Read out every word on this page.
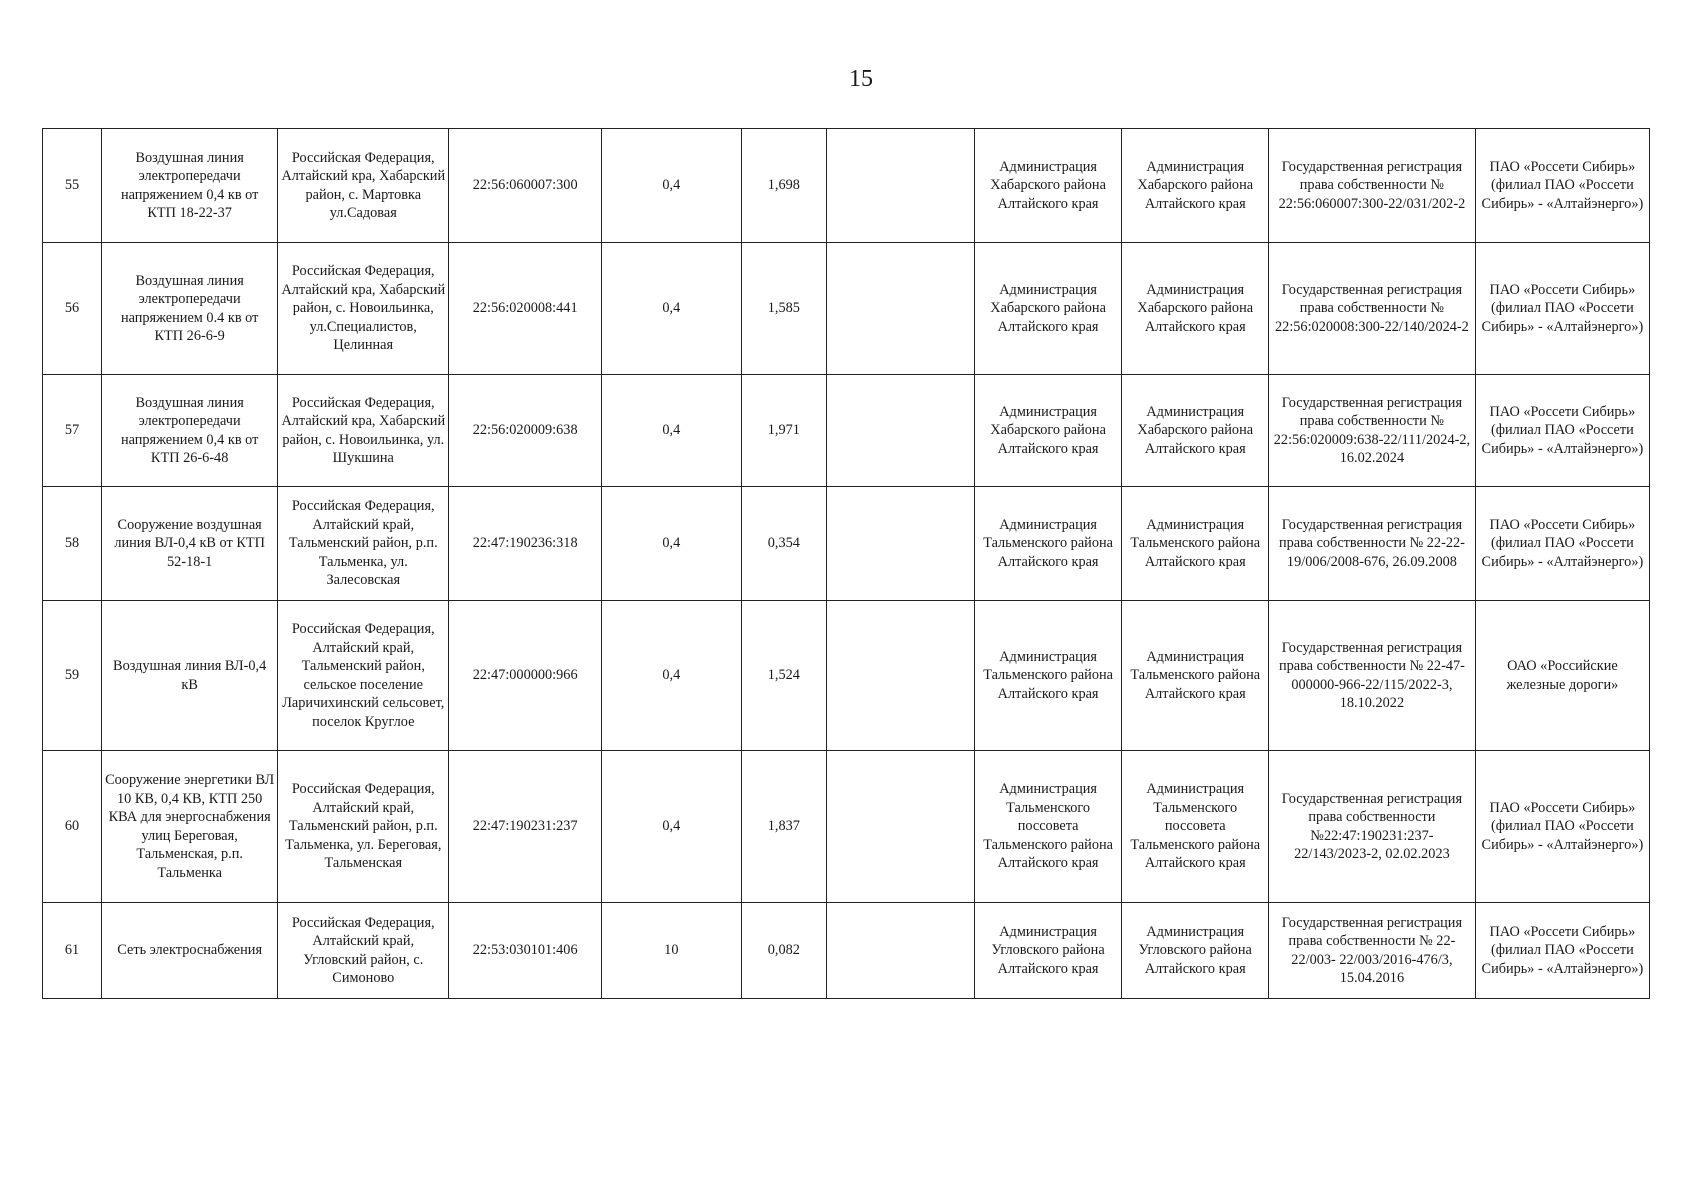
15
55	Воздушная линия электропередачи напряжением 0,4 кв от КТП 18-22-37	Российская Федерация, Алтайский кра, Хабарский район, с. Мартовка ул.Садовая	22:56:060007:300	0,4	1,698		Администрация Хабарского района Алтайского края	Администрация Хабарского района Алтайского края	Государственная регистрация права собственности № 22:56:060007:300-22/031/202-2	ПАО «Россети Сибирь» (филиал ПАО «Россети Сибирь» - «Алтайэнерго»)
56	Воздушная линия электропередачи напряжением 0.4 кв от КТП 26-6-9	Российская Федерация, Алтайский кра, Хабарский район, с. Новоильинка, ул.Специалистов, Целинная	22:56:020008:441	0,4	1,585		Администрация Хабарского района Алтайского края	Администрация Хабарского района Алтайского края	Государственная регистрация права собственности № 22:56:020008:300-22/140/2024-2	ПАО «Россети Сибирь» (филиал ПАО «Россети Сибирь» - «Алтайэнерго»)
57	Воздушная линия электропередачи напряжением 0,4 кв от КТП 26-6-48	Российская Федерация, Алтайский кра, Хабарский район, с. Новоильинка, ул. Шукшина	22:56:020009:638	0,4	1,971		Администрация Хабарского района Алтайского края	Администрация Хабарского района Алтайского края	Государственная регистрация права собственности № 22:56:020009:638-22/111/2024-2, 16.02.2024	ПАО «Россети Сибирь» (филиал ПАО «Россети Сибирь» - «Алтайэнерго»)
58	Сооружение воздушная линия ВЛ-0,4 кВ от КТП 52-18-1	Российская Федерация, Алтайский край, Тальменский район, р.п. Тальменка, ул. Залесовская	22:47:190236:318	0,4	0,354		Администрация Тальменского района Алтайского края	Администрация Тальменского района Алтайского края	Государственная регистрация права собственности № 22-22-19/006/2008-676, 26.09.2008	ПАО «Россети Сибирь» (филиал ПАО «Россети Сибирь» - «Алтайэнерго»)
59	Воздушная линия ВЛ-0,4 кВ	Российская Федерация, Алтайский край, Тальменский район, сельское поселение Ларичихинский сельсовет, поселок Круглое	22:47:000000:966	0,4	1,524		Администрация Тальменского района Алтайского края	Администрация Тальменского района Алтайского края	Государственная регистрация права собственности № 22-47-000000-966-22/115/2022-3, 18.10.2022	ОАО «Российские железные дороги»
60	Сооружение энергетики ВЛ 10 КВ, 0,4 КВ, КТП 250 КВА для энергоснабжения улиц Береговая, Тальменская, р.п. Тальменка	Российская Федерация, Алтайский край, Тальменский район, р.п. Тальменка, ул. Береговая, Тальменская	22:47:190231:237	0,4	1,837		Администрация Тальменского поссовета Тальменского района Алтайского края	Администрация Тальменского поссовета Тальменского района Алтайского края	Государственная регистрация права собственности №22:47:190231:237-22/143/2023-2, 02.02.2023	ПАО «Россети Сибирь» (филиал ПАО «Россети Сибирь» - «Алтайэнерго»)
61	Сеть электроснабжения	Российская Федерация, Алтайский край, Угловский район, с. Симоново	22:53:030101:406	10	0,082		Администрация Угловского района Алтайского края	Администрация Угловского района Алтайского края	Государственная регистрация права собственности № 22-22/003- 22/003/2016-476/3, 15.04.2016	ПАО «Россети Сибирь» (филиал ПАО «Россети Сибирь» - «Алтайэнерго»)
